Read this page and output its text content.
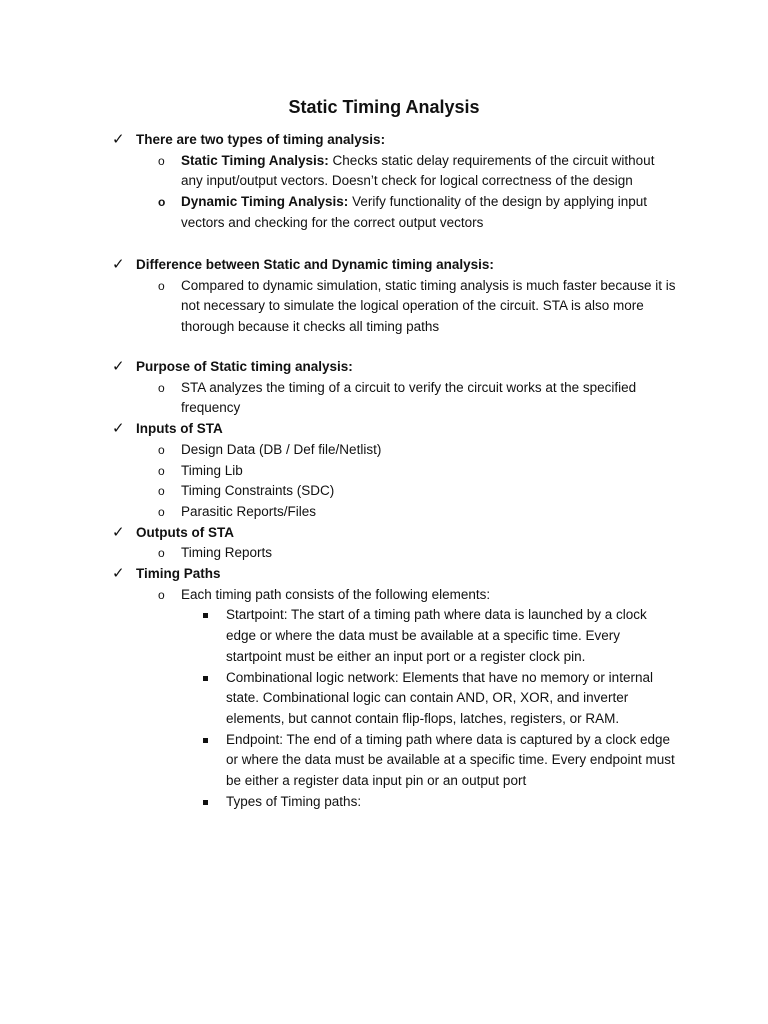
Static Timing Analysis
✓ There are two types of timing analysis:
o	Static Timing Analysis: Checks static delay requirements of the circuit without any input/output vectors. Doesn’t check for logical correctness of the design
o	Dynamic Timing Analysis: Verify functionality of the design by applying input vectors and checking for the correct output vectors
✓ Difference between Static and Dynamic timing analysis:
o	Compared to dynamic simulation, static timing analysis is much faster because it is not necessary to simulate the logical operation of the circuit. STA is also more thorough because it checks all timing paths
✓ Purpose of Static timing analysis:
o	STA analyzes the timing of a circuit to verify the circuit works at the specified frequency
✓ Inputs of STA
o	Design Data (DB / Def file/Netlist)
o	Timing Lib
o	Timing Constraints (SDC)
o	Parasitic Reports/Files
✓ Outputs of STA
o	Timing Reports
✓ Timing Paths
o	Each timing path consists of the following elements:
Startpoint: The start of a timing path where data is launched by a clock edge or where the data must be available at a specific time. Every startpoint must be either an input port or a register clock pin.
Combinational logic network: Elements that have no memory or internal state. Combinational logic can contain AND, OR, XOR, and inverter elements, but cannot contain flip-flops, latches, registers, or RAM.
Endpoint: The end of a timing path where data is captured by a clock edge or where the data must be available at a specific time. Every endpoint must be either a register data input pin or an output port
Types of Timing paths:
